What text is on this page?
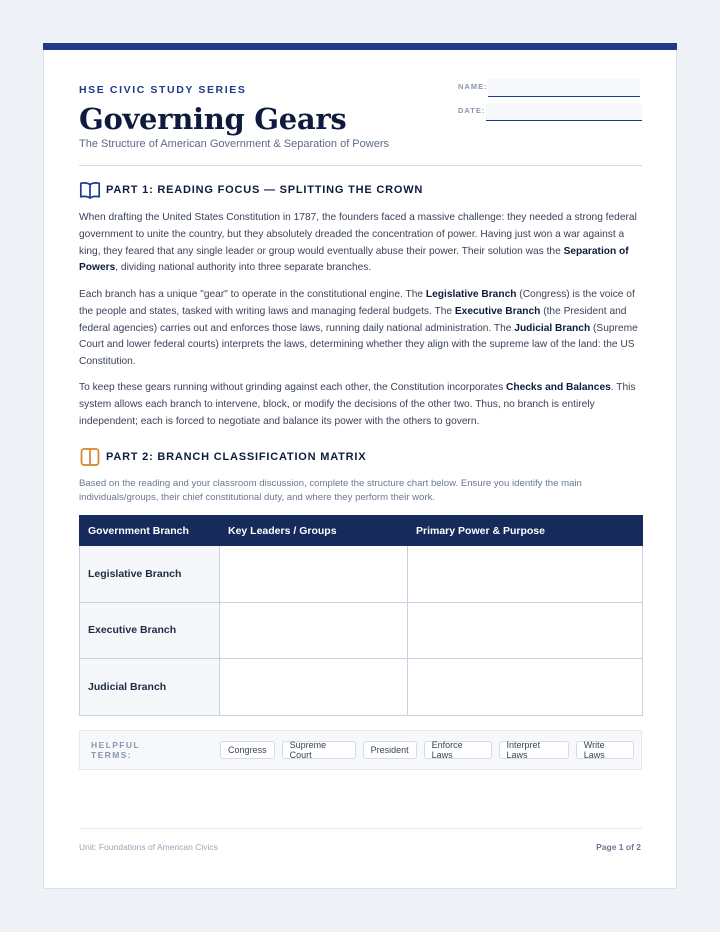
HSE CIVIC STUDY SERIES
Governing Gears
The Structure of American Government & Separation of Powers
NAME:
DATE:
PART 1: READING FOCUS — SPLITTING THE CROWN

When drafting the United States Constitution in 1787, the founders faced a massive challenge: they needed a strong federal government to unite the country, but they absolutely dreaded the concentration of power. Having just won a war against a king, they feared that any single leader or group would eventually abuse their power. Their solution was the Separation of Powers, dividing national authority into three separate branches.

Each branch has a unique "gear" to operate in the constitutional engine. The Legislative Branch (Congress) is the voice of the people and states, tasked with writing laws and managing federal budgets. The Executive Branch (the President and federal agencies) carries out and enforces those laws, running daily national administration. The Judicial Branch (Supreme Court and lower federal courts) interprets the laws, determining whether they align with the supreme law of the land: the US Constitution.

To keep these gears running without grinding against each other, the Constitution incorporates Checks and Balances. This system allows each branch to intervene, block, or modify the decisions of the other two. Thus, no branch is entirely independent; each is forced to negotiate and balance its power with the others to govern.

PART 2: BRANCH CLASSIFICATION MATRIX

Based on the reading and your classroom discussion, complete the structure chart below. Ensure you identify the main individuals/groups, their chief constitutional duty, and where they perform their work.

Government Branch	Key Leaders / Groups	Primary Power & Purpose
Legislative Branch		
Executive Branch		
Judicial Branch		
HELPFUL TERMS:	Congress	Supreme Court	President	Enforce Laws
Interpret Laws
Write Laws
Unit: Foundations of American Civics	Page 1 of 2
